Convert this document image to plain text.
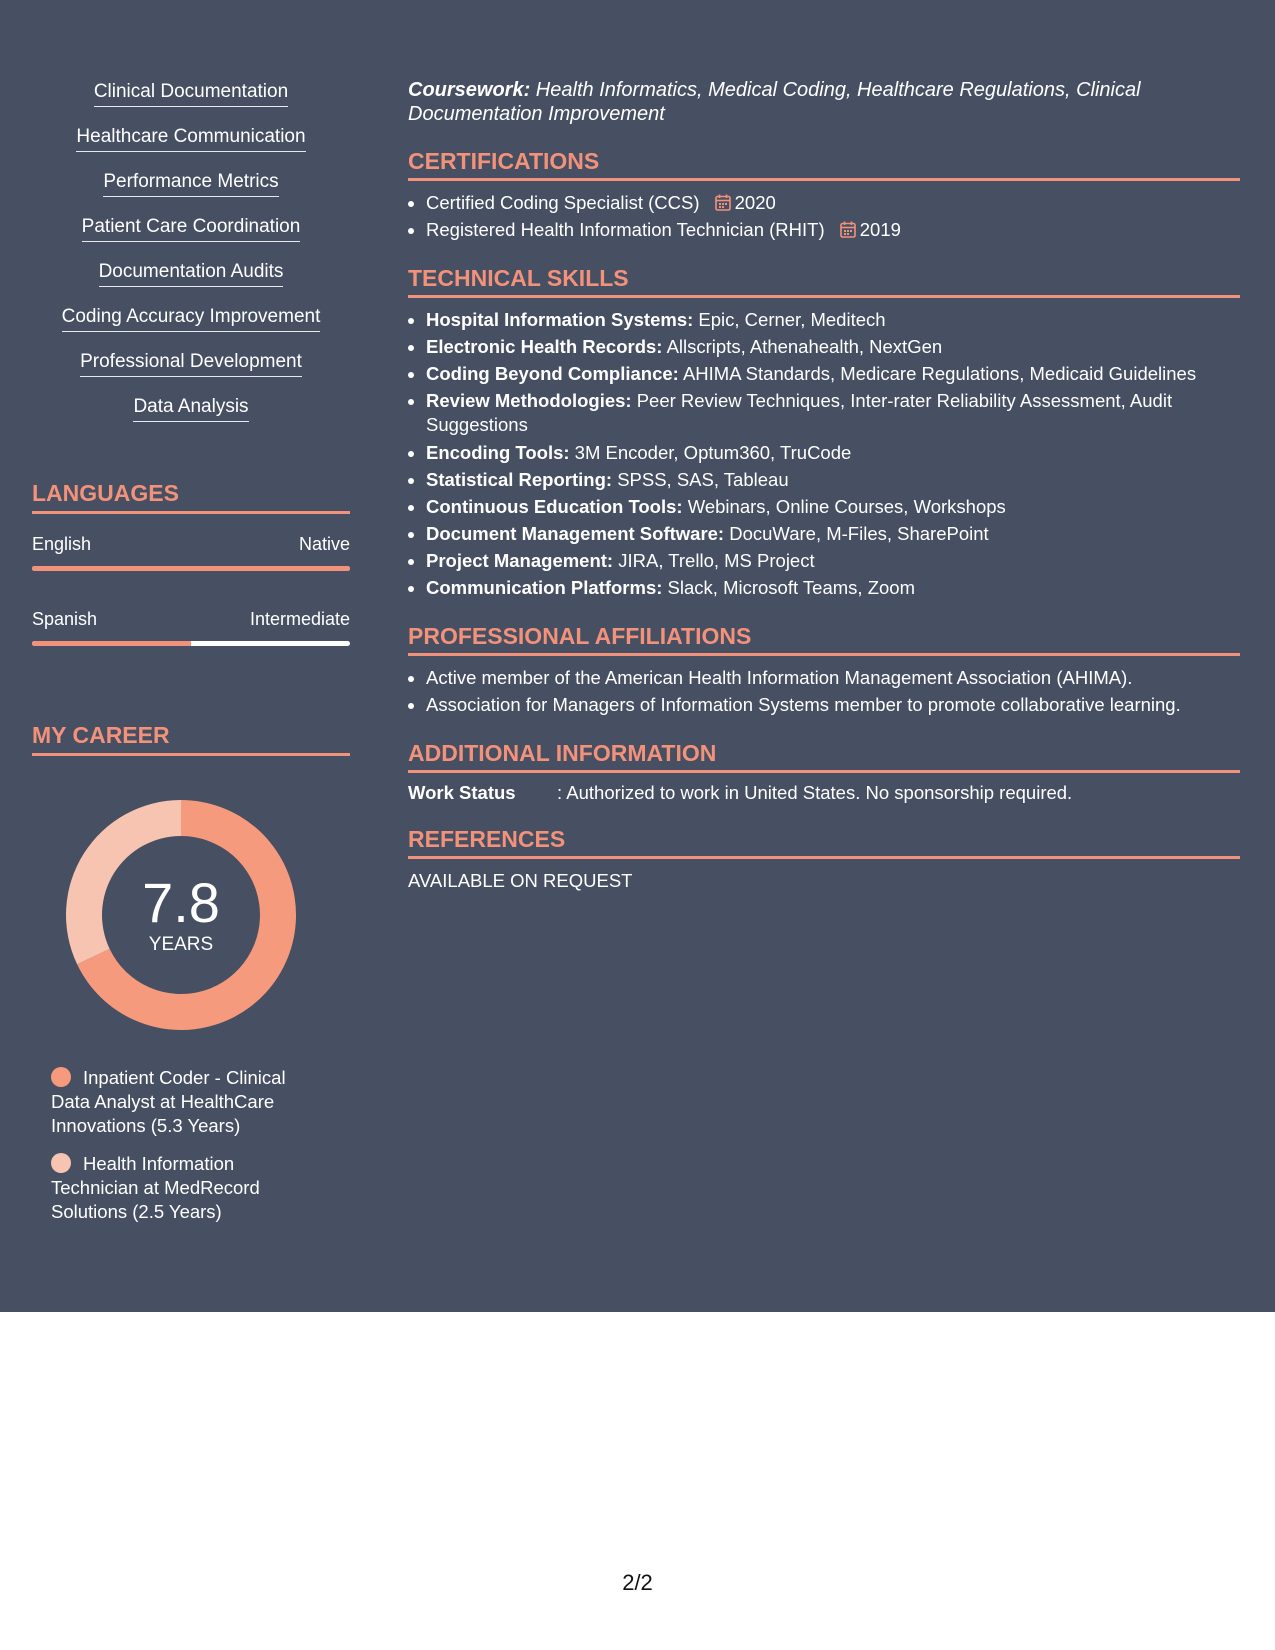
Clinical Documentation
Healthcare Communication
Performance Metrics
Patient Care Coordination
Documentation Audits
Coding Accuracy Improvement
Professional Development
Data Analysis
LANGUAGES
English	Native
Spanish	Intermediate
MY CAREER
7.8
YEARS
Inpatient Coder - Clinical Data Analyst at HealthCare Innovations (5.3 Years)
Health Information Technician at MedRecord Solutions (2.5 Years)

Coursework: Health Informatics, Medical Coding, Healthcare Regulations, Clinical Documentation Improvement

CERTIFICATIONS
• Certified Coding Specialist (CCS) 2020
• Registered Health Information Technician (RHIT) 2019
TECHNICAL SKILLS
• Hospital Information Systems: Epic, Cerner, Meditech
• Electronic Health Records: Allscripts, Athenahealth, NextGen
• Coding Beyond Compliance: AHIMA Standards, Medicare Regulations, Medicaid Guidelines
• Review Methodologies: Peer Review Techniques, Inter-rater Reliability Assessment, Audit Suggestions
• Encoding Tools: 3M Encoder, Optum360, TruCode
• Statistical Reporting: SPSS, SAS, Tableau
• Continuous Education Tools: Webinars, Online Courses, Workshops
• Document Management Software: DocuWare, M-Files, SharePoint
• Project Management: JIRA, Trello, MS Project
• Communication Platforms: Slack, Microsoft Teams, Zoom
PROFESSIONAL AFFILIATIONS
• Active member of the American Health Information Management Association (AHIMA).
• Association for Managers of Information Systems member to promote collaborative learning.
ADDITIONAL INFORMATION
Work Status : Authorized to work in United States. No sponsorship required.
REFERENCES
AVAILABLE ON REQUEST
2/2
